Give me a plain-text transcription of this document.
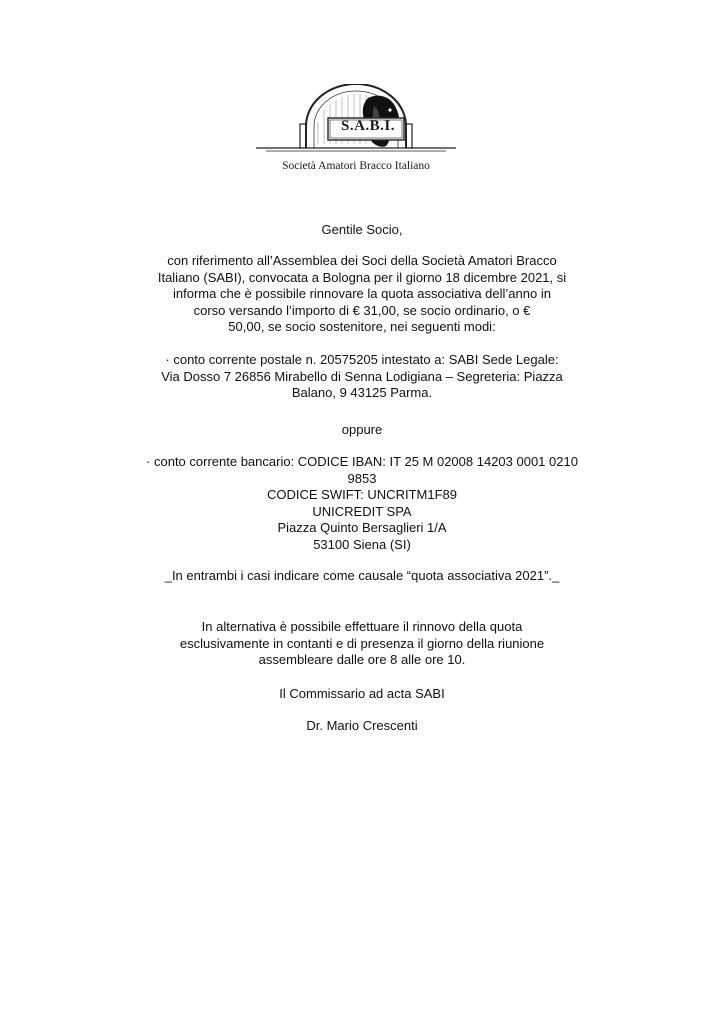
S.A.B.I.
Società Amatori Bracco Italiano
Gentile Socio,
con riferimento all’Assemblea dei Soci della Società Amatori Bracco
Italiano (SABI), convocata a Bologna per il giorno 18 dicembre 2021, si
informa che è possibile rinnovare la quota associativa dell’anno in
corso versando l’importo di € 31,00, se socio ordinario, o €
50,00, se socio sostenitore, nei seguenti modi:
· conto corrente postale n. 20575205 intestato a: SABI Sede Legale:
Via Dosso 7 26856 Mirabello di Senna Lodigiana – Segreteria: Piazza
Balano, 9 43125 Parma.
oppure
· conto corrente bancario: CODICE IBAN: IT 25 M 02008 14203 0001 0210
9853
CODICE SWIFT: UNCRITM1F89
UNICREDIT SPA
Piazza Quinto Bersaglieri 1/A
53100 Siena (SI)
_In entrambi i casi indicare come causale “quota associativa 2021”._
In alternativa è possibile effettuare il rinnovo della quota
esclusivamente in contanti e di presenza il giorno della riunione
assembleare dalle ore 8 alle ore 10.
Il Commissario ad acta SABI
Dr. Mario Crescenti
